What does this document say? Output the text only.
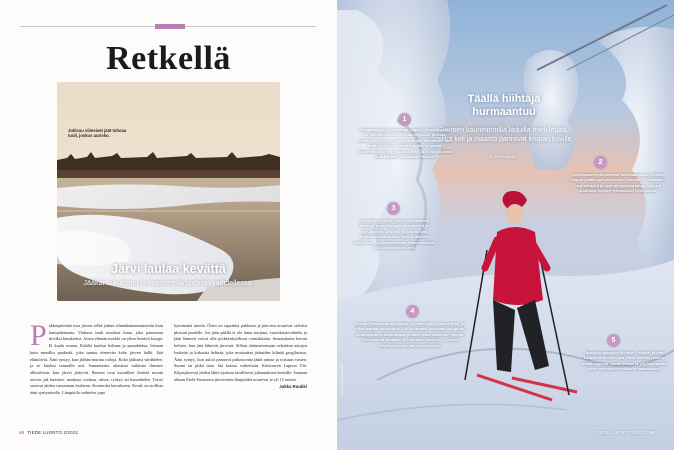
Retkellä
Jokisuu viimeiset jäät tuhoaa tuuli, joskus aurinko.
Järvi laulaa kevättä
Jääkansi kutistuu ja laajenee lämpötilan vaihdellessa.
Pakkaspäivänä ison järven selkä jatkuu silmänkantamattomiin kuin lumipäärnaana. Viuhuva tuuli tasoittaa lunta, joka painautuu tiiviiksi kinokseksi. Ainoa elämän merkki on ylitse lentävä korppi. Ei kuulu muuta. Etäältä kuuluu kolinaa ja pamahtelua, hieman kuin metallin paukettä, joka tuntuu etenevän koko järven halki. Jäät elämöivät. Ääni syntyy, kun jäähän murtuu railoja. Koko jääkansi värähtelee, ja se kuuluu rannoille asti. Samantaista akustista tutkittua ilmenee allutalvisin, kun järvet jäätyvät. Ihmiset ovat kuvailleet ilmiötä monin tavoin: jää kumisee, maukuu, vonkuu, ulisee, ryskyy tai kumahtelee. Toiset sanovat jäiden suorastaan laulavan. Konserttia kerrakseen. Kevät on otollista ääni syntymiselle. Lämpötila vaihtelee jopa
kymmeniä asteita. Öisin on rapsakka pakkasta ja päivisin nousevat selvästi plussan puolelle. Jos jään päällä ei ole lunta suojana, vuorokausivaihtelu ja jään lämmöt voivat olla poikkeuksellisen voimakkaita. Seurauksena kerran kolisee, kun jäät lähtevät järvestä. Silloin äänimaisemaan sekoittuu autojen lonkeita ja kirkastia helinää, joka muistuttaa jäätuiden kilinää grogilasissa. Ääni syntyy, kun auliot painavat pitkotuvatta jäätä rantaa ja toisiaan vasten. Suomi on pitkä maa. Jää katoaa vaiheittain. Käsivarren Lapissa Ylä-Kilpisjärvessä jäiden lähtö ajoittuu tavallisesti juhannuksen tienoille. Samaan aikaan Etelä-Suomessa järvivesien lämpötilat nousevat jo yli 15 asteen.
Jukka Ruukki
58 TIEDE LUONTO 2/2022
Täällä hiihtäjä
hurmaantuu
Suomen kauneimmilla laduilla mieli lepää, vaikka keli ja maasto panisivat kropan koville.
Arja Kivipelto
1
Erämaalaia ylä Kuukaavan majalle. Kierttää polku on parhaimmillaan kevätauringossa, ja sitten kulkemisen kilvaa leikkaa ja tänää rhinskössa vain tunturia koloja, vaihto kahvita, helpotaa. Kilometrejä kertyy pitkiinnä noin 15, ja tuopuolella auki lempää Vuojaitolla Pessilla.
2
Kulkemaan myhekkeessä talvimaastossa Kiiltilan huippu ylittää hymysmellelle. Lumetta on riittävästi, isot vaihtelut ja ovat pohjoisella latuja. Vinkkiä suuntana myöten erinomaiset löytöpaikat.
3
Kuusitulteen reitti kuluu 25 kilometriä tunturia, kumputyppiä kuusimetsiä ja pölyttämöiä. Jos sää on kirkas, saa luttimennessa siteeta Halti, kultaisen maiseman. Loukamaisemien sulaa maalloin polku on käyttöön asti.
4
Kiersä Pallastunturin ympäri on retkeilijöille selkeä reitti, ja sillen mattaa valkia värit. Ole suuruutta, selkeyttä huippuun, puuttumatta ja tottuttavaan polulla valita valkoinen joenpii. Järvenlekdä Jonjasen ja Lutusten rytokkiin... Joskus käytössä polun pahimmat kohtia.
5
Tänään kuutamolla hiihdon, Pallasin ja retki halki tuntureiden joka tehdä metsää näiden yhden lumesta. Aavan Pallas ja ylä Ruokopään siilat esteettiskin mutkalle Haarakahen.
Kuvat: Arja Kivipelto
TIEDE LUONTO 2/2022 59
